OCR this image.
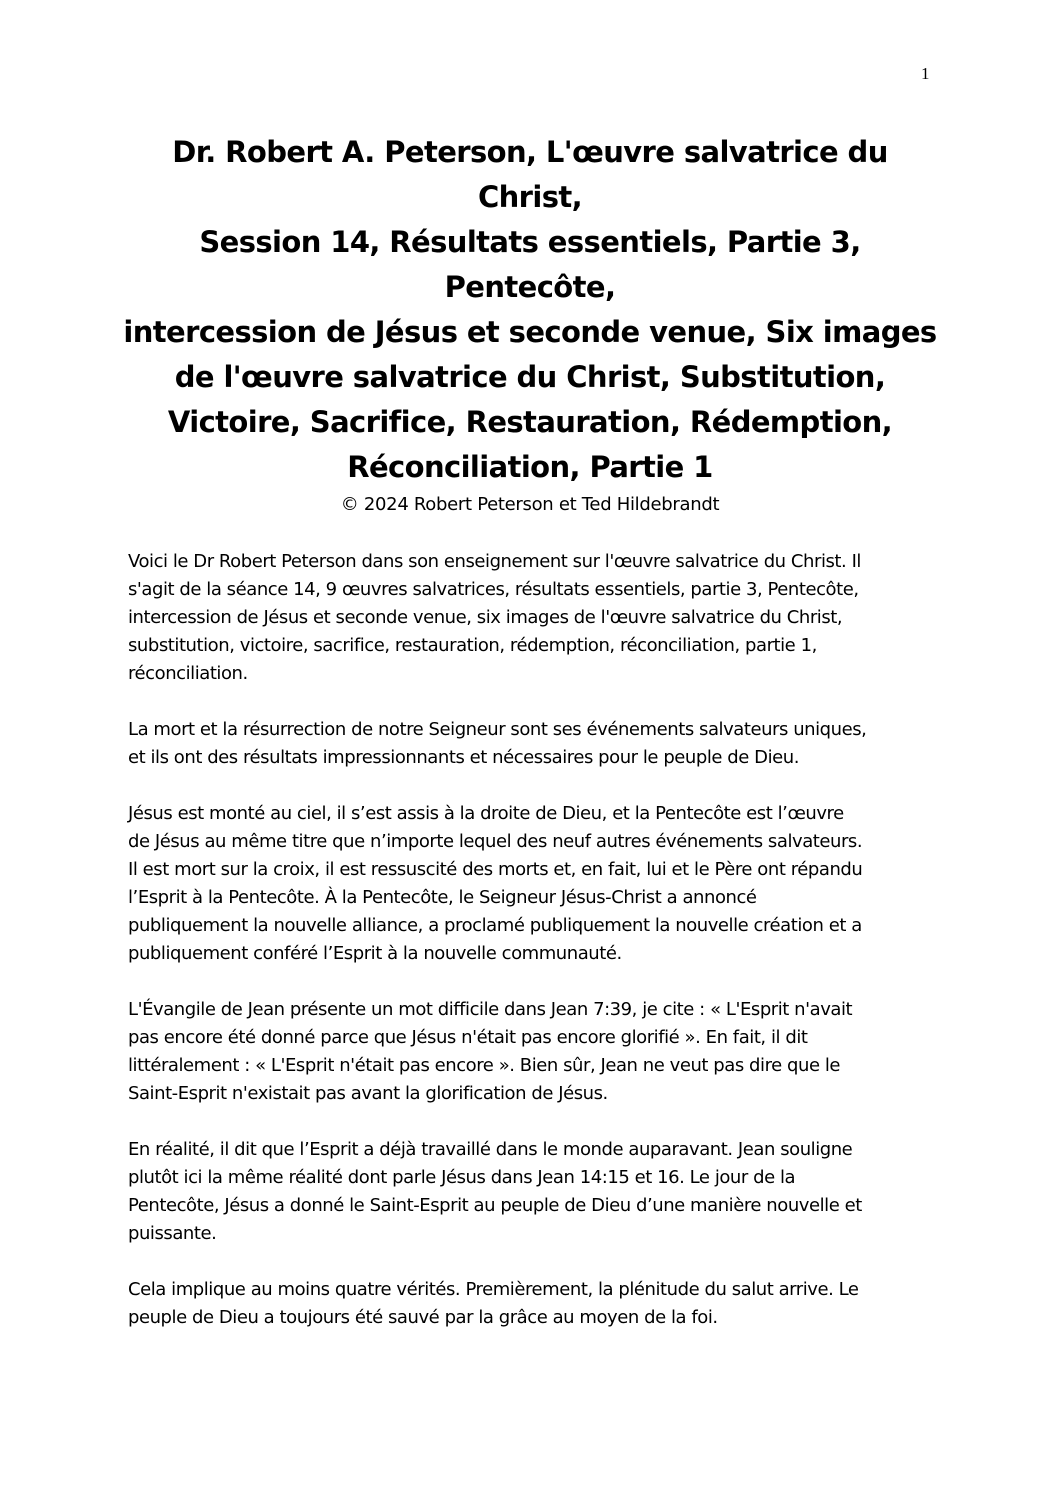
1
Dr. Robert A. Peterson, L'œuvre salvatrice du
Christ,
Session 14, Résultats essentiels, Partie 3,
Pentecôte,
intercession de Jésus et seconde venue, Six images
de l'œuvre salvatrice du Christ, Substitution,
Victoire, Sacrifice, Restauration, Rédemption,
Réconciliation, Partie 1
© 2024 Robert Peterson et Ted Hildebrandt
Voici le Dr Robert Peterson dans son enseignement sur l'œuvre salvatrice du Christ. Il
s'agit de la séance 14, 9 œuvres salvatrices, résultats essentiels, partie 3, Pentecôte,
intercession de Jésus et seconde venue, six images de l'œuvre salvatrice du Christ,
substitution, victoire, sacrifice, restauration, rédemption, réconciliation, partie 1,
réconciliation.
La mort et la résurrection de notre Seigneur sont ses événements salvateurs uniques,
et ils ont des résultats impressionnants et nécessaires pour le peuple de Dieu.
Jésus est monté au ciel, il s’est assis à la droite de Dieu, et la Pentecôte est l’œuvre
de Jésus au même titre que n’importe lequel des neuf autres événements salvateurs.
Il est mort sur la croix, il est ressuscité des morts et, en fait, lui et le Père ont répandu
l’Esprit à la Pentecôte. À la Pentecôte, le Seigneur Jésus-Christ a annoncé
publiquement la nouvelle alliance, a proclamé publiquement la nouvelle création et a
publiquement conféré l’Esprit à la nouvelle communauté.
L'Évangile de Jean présente un mot difficile dans Jean 7:39, je cite : « L'Esprit n'avait
pas encore été donné parce que Jésus n'était pas encore glorifié ». En fait, il dit
littéralement : « L'Esprit n'était pas encore ». Bien sûr, Jean ne veut pas dire que le
Saint-Esprit n'existait pas avant la glorification de Jésus.
En réalité, il dit que l’Esprit a déjà travaillé dans le monde auparavant. Jean souligne
plutôt ici la même réalité dont parle Jésus dans Jean 14:15 et 16. Le jour de la
Pentecôte, Jésus a donné le Saint-Esprit au peuple de Dieu d’une manière nouvelle et
puissante.
Cela implique au moins quatre vérités. Premièrement, la plénitude du salut arrive. Le
peuple de Dieu a toujours été sauvé par la grâce au moyen de la foi.
